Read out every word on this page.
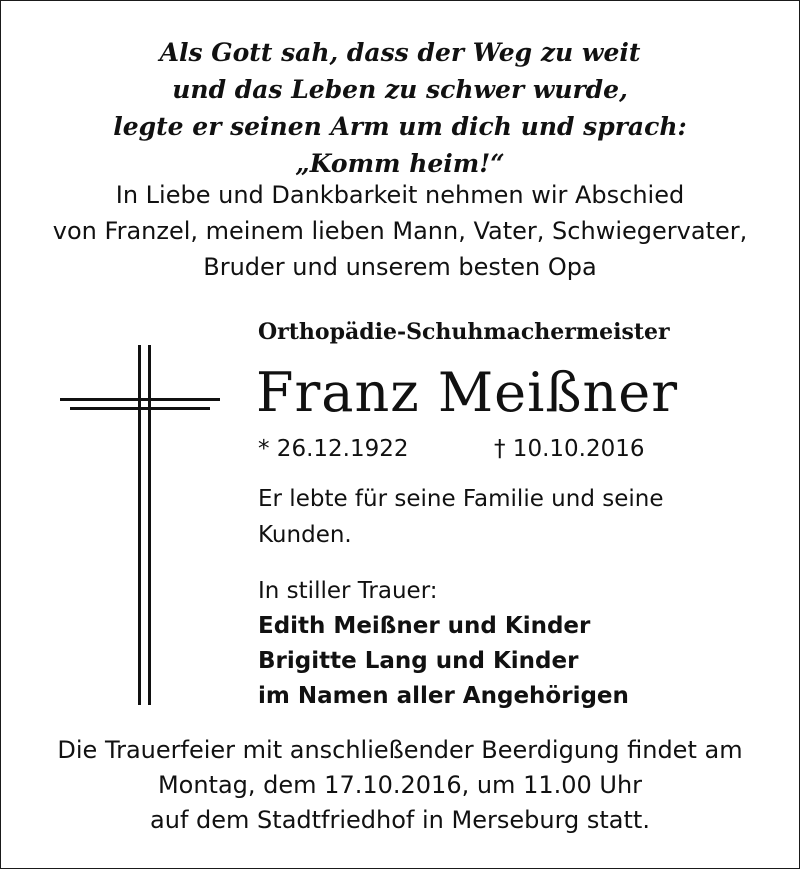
Als Gott sah, dass der Weg zu weit
und das Leben zu schwer wurde,
legte er seinen Arm um dich und sprach:
„Komm heim!“
In Liebe und Dankbarkeit nehmen wir Abschied
von Franzel, meinem lieben Mann, Vater, Schwiegervater,
Bruder und unserem besten Opa
Orthopädie-Schuhmachermeister
Franz Meißner
* 26.12.1922	† 10.10.2016
Er lebte für seine Familie und seine
Kunden.
In stiller Trauer:
Edith Meißner und Kinder
Brigitte Lang und Kinder
im Namen aller Angehörigen
Die Trauerfeier mit anschließender Beerdigung findet am
Montag, dem 17.10.2016, um 11.00 Uhr
auf dem Stadtfriedhof in Merseburg statt.
